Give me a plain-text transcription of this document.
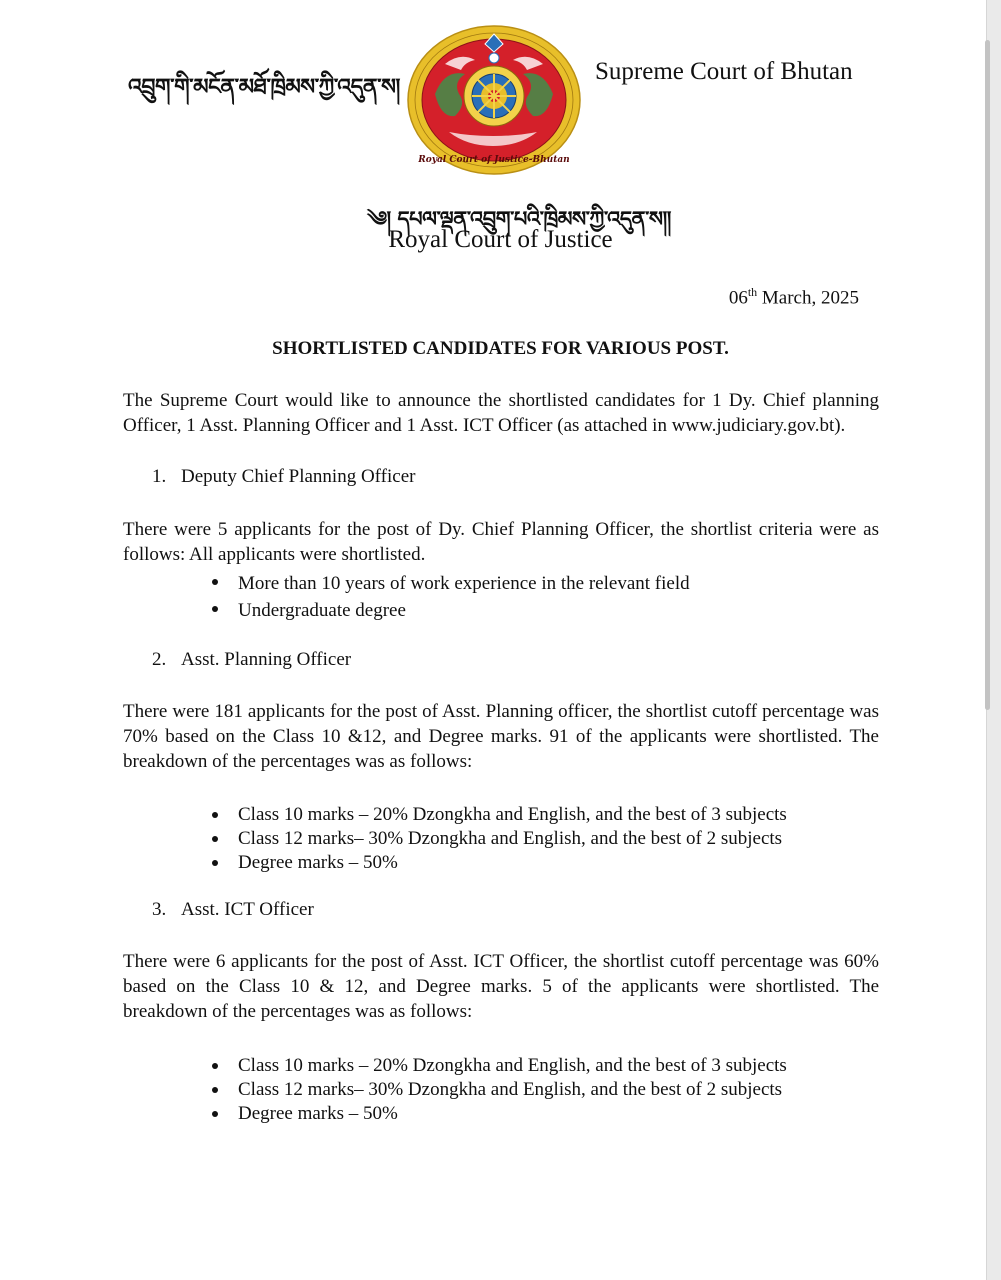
འབྲུག་གི་མངོན་མཐོ་ཁྲིམས་ཀྱི་འདུན་ས།
Royal Court of Justice-Bhutan
Supreme Court of Bhutan
༄། དཔལ་ལྡན་འབྲུག་པའི་ཁྲིམས་ཀྱི་འདུན་ས།།
Royal Court of Justice
06th March, 2025
SHORTLISTED CANDIDATES FOR VARIOUS POST.

The Supreme Court would like to announce the shortlisted candidates for 1 Dy. Chief planning Officer, 1 Asst. Planning Officer and 1 Asst. ICT Officer (as attached in www.judiciary.gov.bt).

1. Deputy Chief Planning Officer

There were 5 applicants for the post of Dy. Chief Planning Officer, the shortlist criteria were as follows: All applicants were shortlisted.

More than 10 years of work experience in the relevant field
Undergraduate degree
2. Asst. Planning Officer

There were 181 applicants for the post of Asst. Planning officer, the shortlist cutoff percentage was 70% based on the Class 10 &12, and Degree marks. 91 of the applicants were shortlisted. The breakdown of the percentages was as follows:

Class 10 marks – 20% Dzongkha and English, and the best of 3 subjects
Class 12 marks– 30% Dzongkha and English, and the best of 2 subjects
Degree marks – 50%
3. Asst. ICT Officer

There were 6 applicants for the post of Asst. ICT Officer, the shortlist cutoff percentage was 60% based on the Class 10 & 12, and Degree marks. 5 of the applicants were shortlisted. The breakdown of the percentages was as follows:

Class 10 marks – 20% Dzongkha and English, and the best of 3 subjects
Class 12 marks– 30% Dzongkha and English, and the best of 2 subjects
Degree marks – 50%
